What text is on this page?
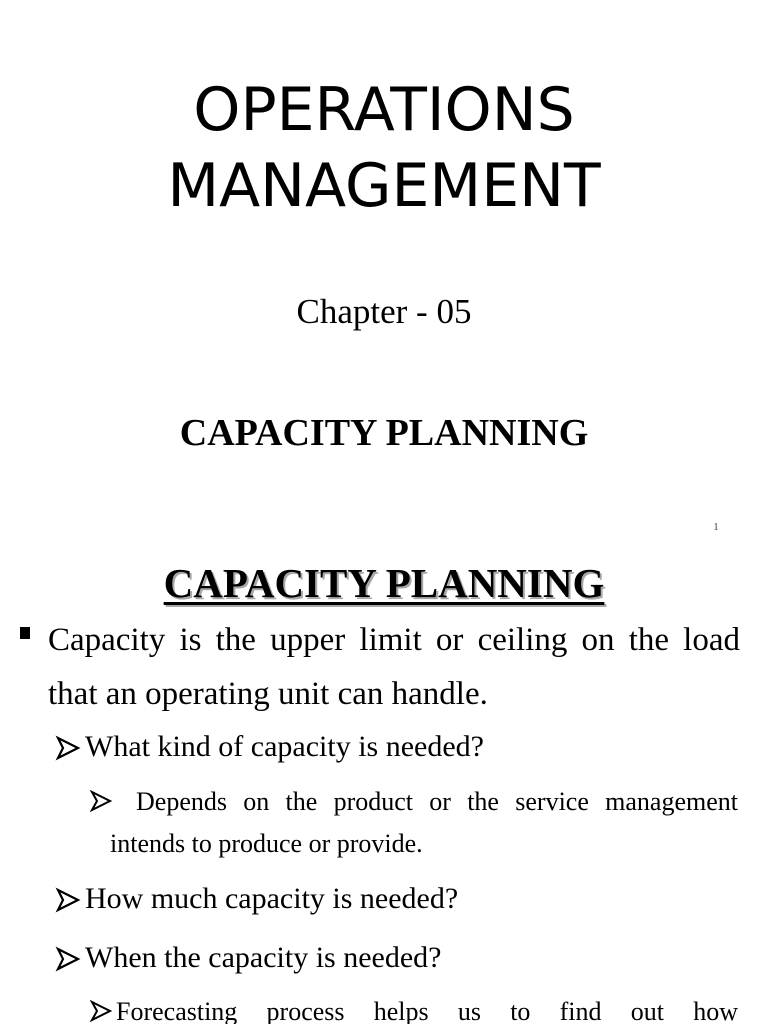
OPERATIONS
MANAGEMENT
Chapter - 05
CAPACITY PLANNING
1
CAPACITY PLANNING
Capacity is the upper limit or ceiling on the load that an operating unit can handle.
What kind of capacity is needed?
Depends on the product or the service management intends to produce or provide.
How much capacity is needed?
When the capacity is needed?
Forecasting process helps us to find out how
